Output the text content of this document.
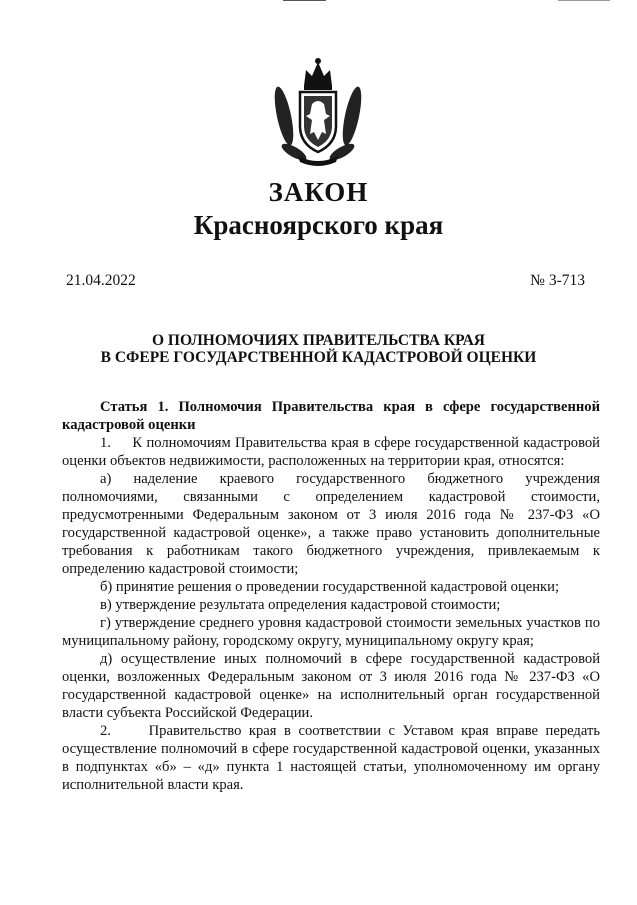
ЗАКОН
Красноярского края
21.04.2022	№ 3-713
О ПОЛНОМОЧИЯХ ПРАВИТЕЛЬСТВА КРАЯ
В СФЕРЕ ГОСУДАРСТВЕННОЙ КАДАСТРОВОЙ ОЦЕНКИ

Статья 1. Полномочия Правительства края в сфере государственной кадастровой оценки

1.     К полномочиям Правительства края в сфере государственной кадастровой оценки объектов недвижимости, расположенных на территории края, относятся:

а) наделение краевого государственного бюджетного учреждения полномочиями, связанными с определением кадастровой стоимости, предусмотренными Федеральным законом от 3 июля 2016 года № 237-ФЗ «О государственной кадастровой оценке», а также право установить дополнительные требования к работникам такого бюджетного учреждения, привлекаемым к определению кадастровой стоимости;

б) принятие решения о проведении государственной кадастровой оценки;

в) утверждение результата определения кадастровой стоимости;

г) утверждение среднего уровня кадастровой стоимости земельных участков по муниципальному району, городскому округу, муниципальному округу края;

д) осуществление иных полномочий в сфере государственной кадастровой оценки, возложенных Федеральным законом от 3 июля 2016 года № 237-ФЗ «О государственной кадастровой оценке» на исполнительный орган государственной власти субъекта Российской Федерации.

2.     Правительство края в соответствии с Уставом края вправе передать осуществление полномочий в сфере государственной кадастровой оценки, указанных в подпунктах «б» – «д» пункта 1 настоящей статьи, уполномоченному им органу исполнительной власти края.
